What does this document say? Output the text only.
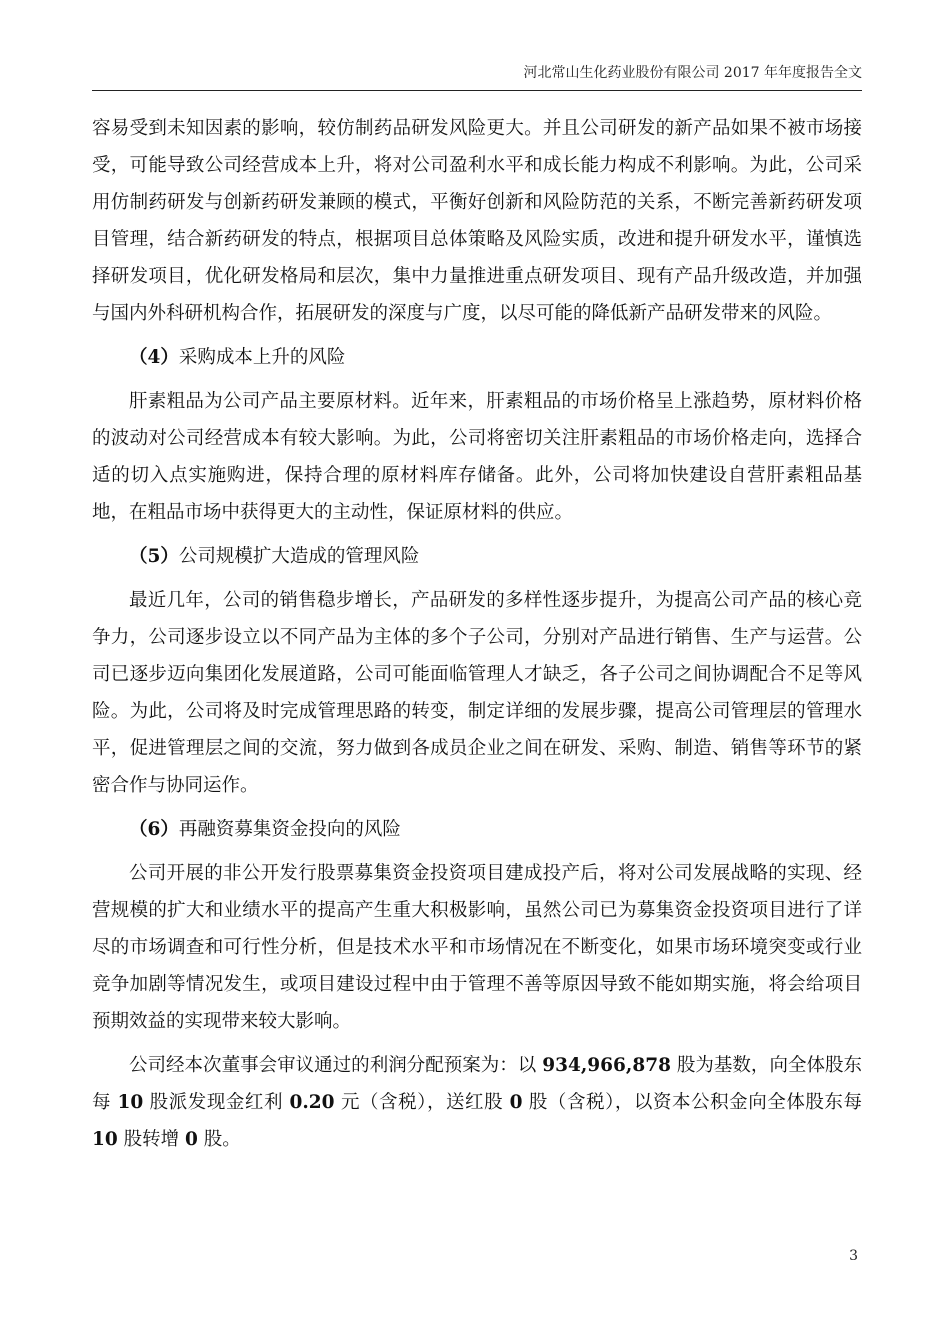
河北常山生化药业股份有限公司 2017 年年度报告全文

容易受到未知因素的影响，较仿制药品研发风险更大。并且公司研发的新产品如果不被市场接受，可能导致公司经营成本上升，将对公司盈利水平和成长能力构成不利影响。为此，公司采用仿制药研发与创新药研发兼顾的模式，平衡好创新和风险防范的关系，不断完善新药研发项目管理，结合新药研发的特点，根据项目总体策略及风险实质，改进和提升研发水平，谨慎选择研发项目，优化研发格局和层次，集中力量推进重点研发项目、现有产品升级改造，并加强与国内外科研机构合作，拓展研发的深度与广度，以尽可能的降低新产品研发带来的风险。

（4）采购成本上升的风险

肝素粗品为公司产品主要原材料。近年来，肝素粗品的市场价格呈上涨趋势，原材料价格的波动对公司经营成本有较大影响。为此，公司将密切关注肝素粗品的市场价格走向，选择合适的切入点实施购进，保持合理的原材料库存储备。此外，公司将加快建设自营肝素粗品基地，在粗品市场中获得更大的主动性，保证原材料的供应。

（5）公司规模扩大造成的管理风险

最近几年，公司的销售稳步增长，产品研发的多样性逐步提升，为提高公司产品的核心竞争力，公司逐步设立以不同产品为主体的多个子公司，分别对产品进行销售、生产与运营。公司已逐步迈向集团化发展道路，公司可能面临管理人才缺乏，各子公司之间协调配合不足等风险。为此，公司将及时完成管理思路的转变，制定详细的发展步骤，提高公司管理层的管理水平，促进管理层之间的交流，努力做到各成员企业之间在研发、采购、制造、销售等环节的紧密合作与协同运作。

（6）再融资募集资金投向的风险

公司开展的非公开发行股票募集资金投资项目建成投产后，将对公司发展战略的实现、经营规模的扩大和业绩水平的提高产生重大积极影响，虽然公司已为募集资金投资项目进行了详尽的市场调查和可行性分析，但是技术水平和市场情况在不断变化，如果市场环境突变或行业竞争加剧等情况发生，或项目建设过程中由于管理不善等原因导致不能如期实施，将会给项目预期效益的实现带来较大影响。

公司经本次董事会审议通过的利润分配预案为：以 934,966,878 股为基数，向全体股东每 10 股派发现金红利 0.20 元（含税），送红股 0 股（含税），以资本公积金向全体股东每 10 股转增 0 股。

3
